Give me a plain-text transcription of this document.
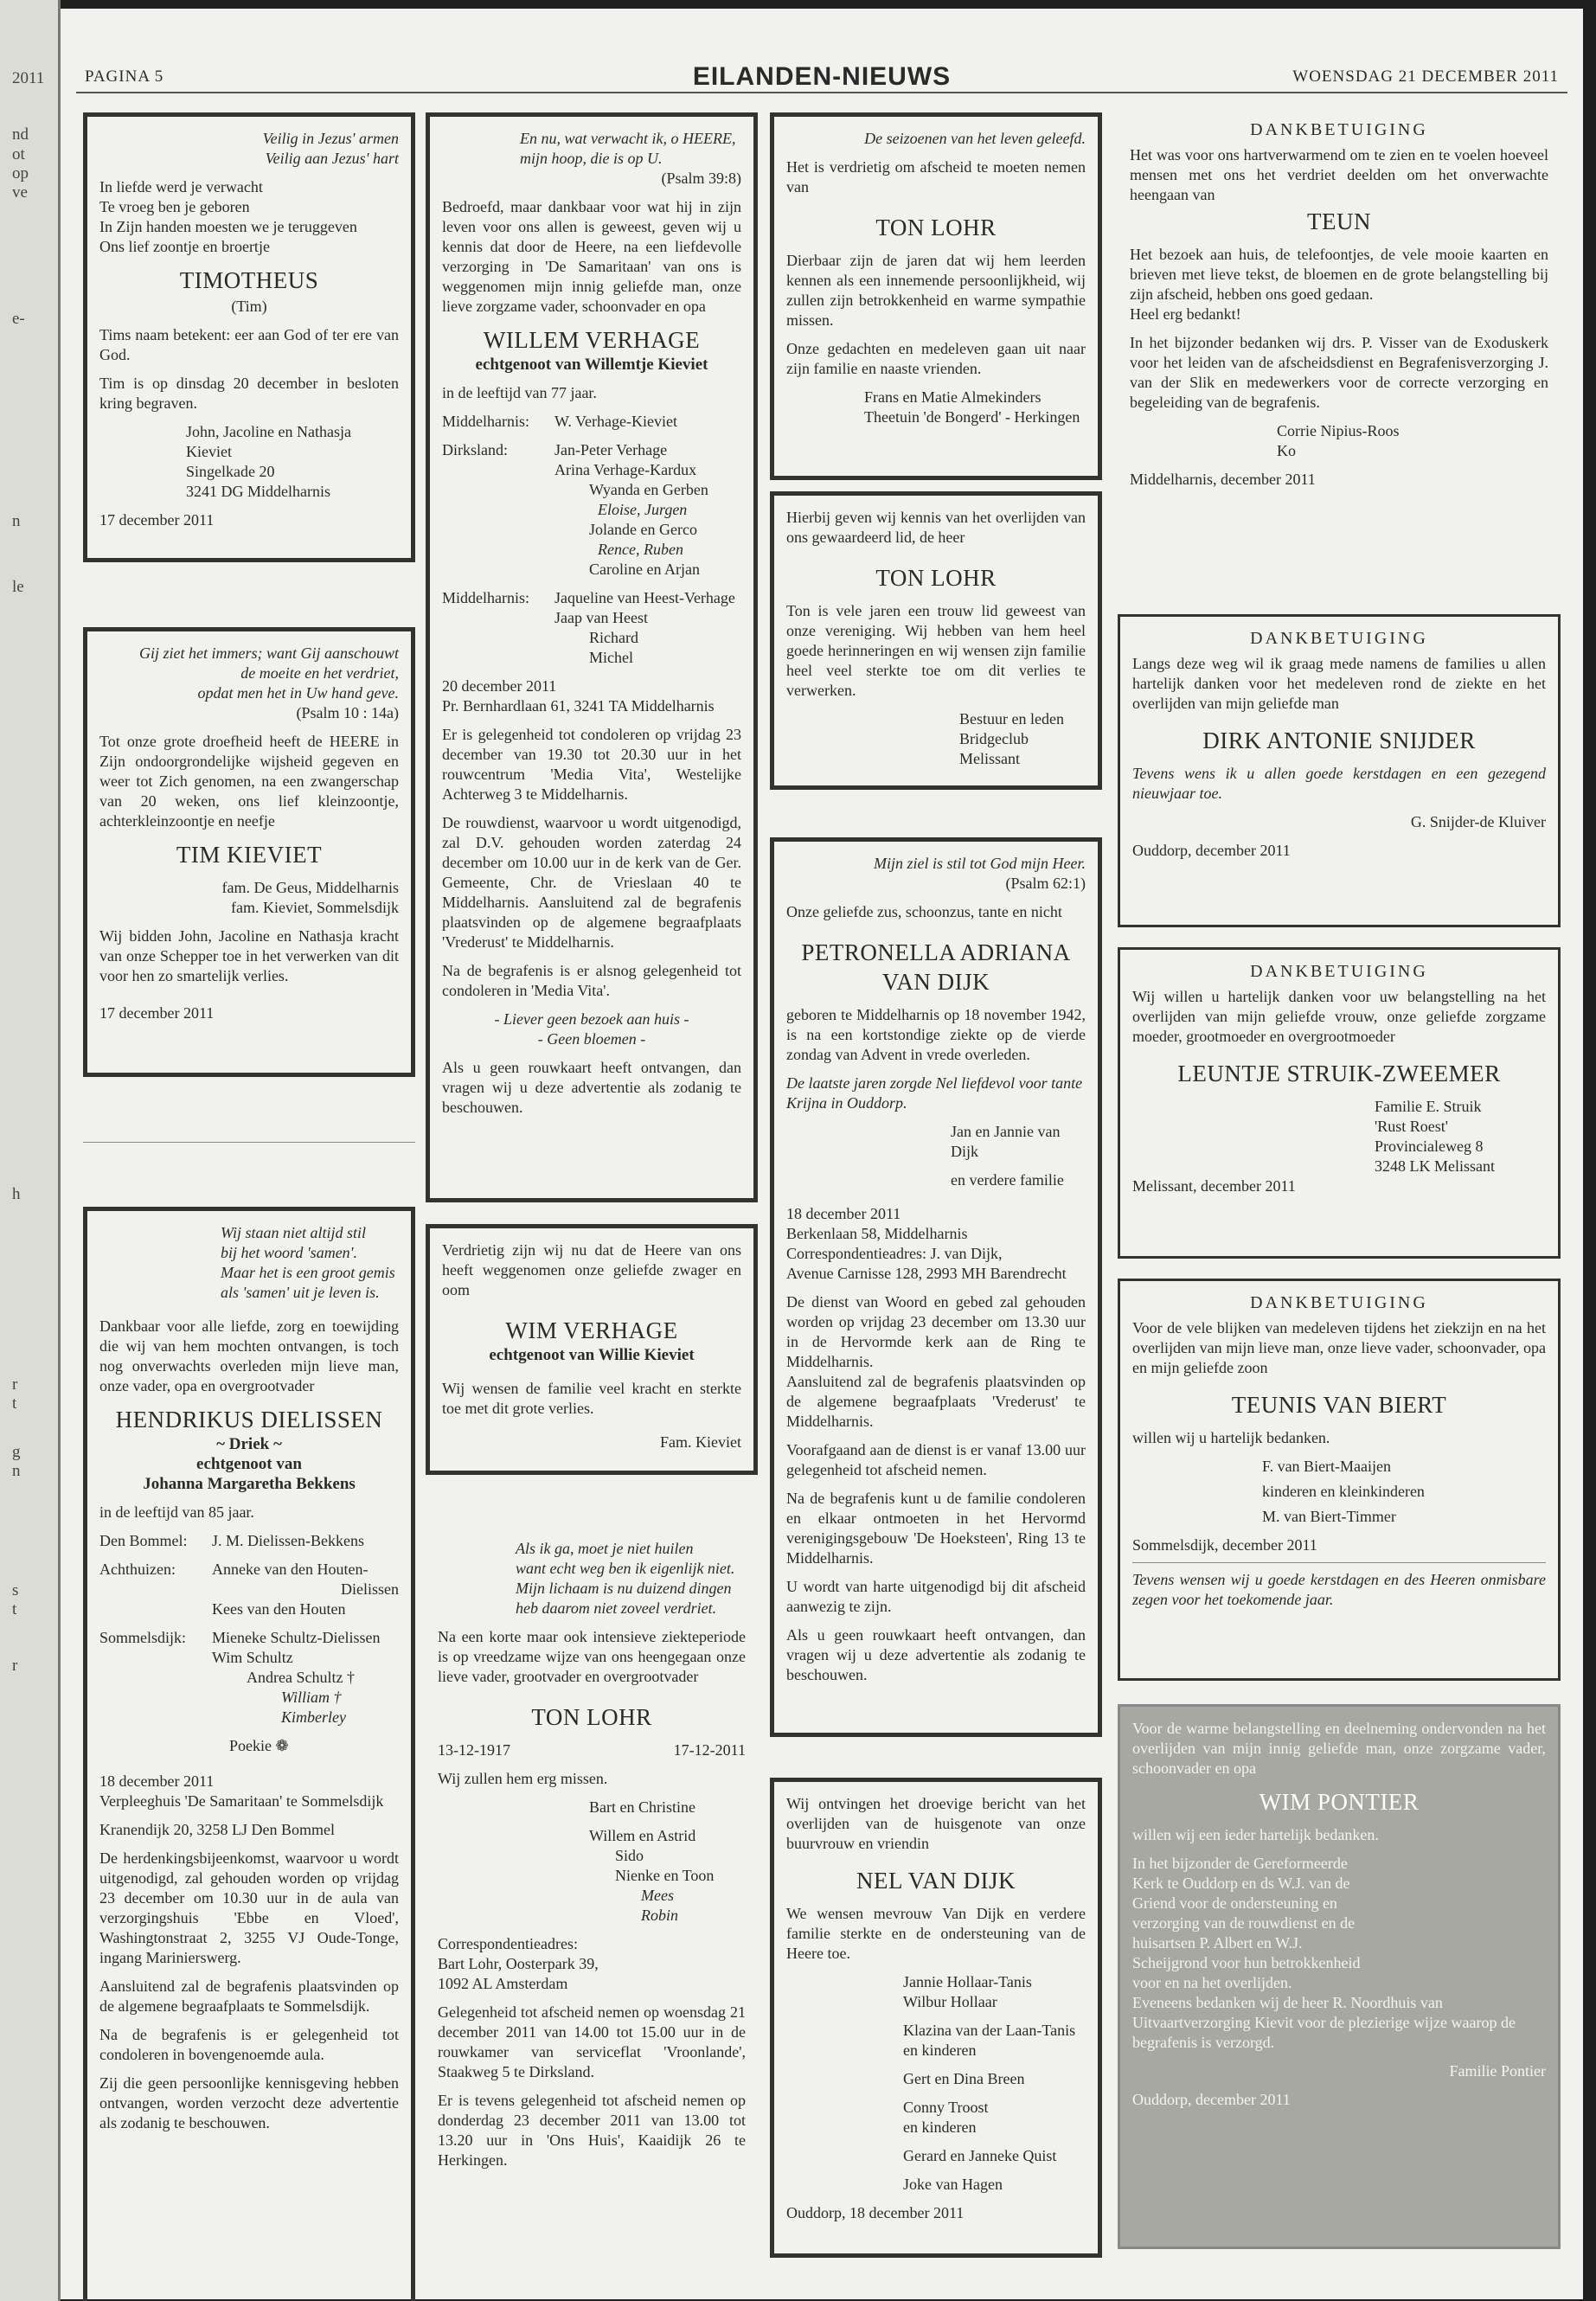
2011
nd
ot
op
ve
e-
n
le
h
r
t
g
n
s
t
r
PAGINA 5	EILANDEN-NIEUWS	WOENSDAG 21 DECEMBER 2011
Veilig in Jezus' armen
Veilig aan Jezus' hart
In liefde werd je verwacht
Te vroeg ben je geboren
In Zijn handen moesten we je teruggeven
Ons lief zoontje en broertje
TIMOTHEUS
(Tim)
Tims naam betekent: eer aan God of ter ere van God.
Tim is op dinsdag 20 december in besloten kring begraven.
John, Jacoline en Nathasja Kieviet
Singelkade 20
3241 DG Middelharnis
17 december 2011
Gij ziet het immers; want Gij aanschouwt
de moeite en het verdriet,
opdat men het in Uw hand geve.
(Psalm 10 : 14a)
Tot onze grote droefheid heeft de HEERE in Zijn ondoorgrondelijke wijsheid gegeven en weer tot Zich genomen, na een zwangerschap van 20 weken, ons lief kleinzoontje, achterkleinzoontje en neefje
TIM KIEVIET
fam. De Geus, Middelharnis
fam. Kieviet, Sommelsdijk
Wij bidden John, Jacoline en Nathasja kracht van onze Schepper toe in het verwerken van dit voor hen zo smartelijk verlies.
17 december 2011
Wij staan niet altijd stil
bij het woord 'samen'.
Maar het is een groot gemis
als 'samen' uit je leven is.
Dankbaar voor alle liefde, zorg en toewijding die wij van hem mochten ontvangen, is toch nog onverwachts overleden mijn lieve man, onze vader, opa en overgrootvader
HENDRIKUS DIELISSEN
~ Driek ~
echtgenoot van
Johanna Margaretha Bekkens
in de leeftijd van 85 jaar.
Den Bommel:	J. M. Dielissen-Bekkens
Achthuizen:	Anneke van den Houten-
Dielissen
Kees van den Houten
Sommelsdijk:	Mieneke Schultz-Dielissen
Wim Schultz
Andrea Schultz †
William †
Kimberley
Poekie ❁
18 december 2011
Verpleeghuis 'De Samaritaan' te Sommelsdijk
Kranendijk 20, 3258 LJ Den Bommel
De herdenkingsbijeenkomst, waarvoor u wordt uitgenodigd, zal gehouden worden op vrijdag 23 december om 10.30 uur in de aula van verzorgingshuis 'Ebbe en Vloed', Washingtonstraat 2, 3255 VJ Oude-Tonge, ingang Marinierswerg.
Aansluitend zal de begrafenis plaatsvinden op de algemene begraafplaats te Sommelsdijk.
Na de begrafenis is er gelegenheid tot condoleren in bovengenoemde aula.
Zij die geen persoonlijke kennisgeving hebben ontvangen, worden verzocht deze advertentie als zodanig te beschouwen.
En nu, wat verwacht ik, o HEERE,
mijn hoop, die is op U.
(Psalm 39:8)
Bedroefd, maar dankbaar voor wat hij in zijn leven voor ons allen is geweest, geven wij u kennis dat door de Heere, na een liefdevolle verzorging in 'De Samaritaan' van ons is weggenomen mijn innig geliefde man, onze lieve zorgzame vader, schoonvader en opa
WILLEM VERHAGE
echtgenoot van Willemtje Kieviet
in de leeftijd van 77 jaar.
Middelharnis:	W. Verhage-Kieviet
Dirksland:	Jan-Peter Verhage
Arina Verhage-Kardux
Wyanda en Gerben
Eloise, Jurgen
Jolande en Gerco
Rence, Ruben
Caroline en Arjan
Middelharnis:	Jaqueline van Heest-Verhage
Jaap van Heest
Richard
Michel
20 december 2011
Pr. Bernhardlaan 61, 3241 TA Middelharnis
Er is gelegenheid tot condoleren op vrijdag 23 december van 19.30 tot 20.30 uur in het rouwcentrum 'Media Vita', Westelijke Achterweg 3 te Middelharnis.
De rouwdienst, waarvoor u wordt uitgenodigd, zal D.V. gehouden worden zaterdag 24 december om 10.00 uur in de kerk van de Ger. Gemeente, Chr. de Vrieslaan 40 te Middelharnis. Aansluitend zal de begrafenis plaatsvinden op de algemene begraafplaats 'Vrederust' te Middelharnis.
Na de begrafenis is er alsnog gelegenheid tot condoleren in 'Media Vita'.
- Liever geen bezoek aan huis -
- Geen bloemen -
Als u geen rouwkaart heeft ontvangen, dan vragen wij u deze advertentie als zodanig te beschouwen.
Verdrietig zijn wij nu dat de Heere van ons heeft weggenomen onze geliefde zwager en oom
WIM VERHAGE
echtgenoot van Willie Kieviet
Wij wensen de familie veel kracht en sterkte toe met dit grote verlies.
Fam. Kieviet
Als ik ga, moet je niet huilen
want echt weg ben ik eigenlijk niet.
Mijn lichaam is nu duizend dingen
heb daarom niet zoveel verdriet.
Na een korte maar ook intensieve ziekteperiode is op vreedzame wijze van ons heengegaan onze lieve vader, grootvader en overgrootvader
TON LOHR
13-12-1917	17-12-2011
Wij zullen hem erg missen.
Bart en Christine
Willem en Astrid
Sido
Nienke en Toon
Mees
Robin
Correspondentieadres:
Bart Lohr, Oosterpark 39,
1092 AL Amsterdam
Gelegenheid tot afscheid nemen op woensdag 21 december 2011 van 14.00 tot 15.00 uur in de rouwkamer van serviceflat 'Vroonlande', Staakweg 5 te Dirksland.
Er is tevens gelegenheid tot afscheid nemen op donderdag 23 december 2011 van 13.00 tot 13.20 uur in 'Ons Huis', Kaaidijk 26 te Herkingen.
De seizoenen van het leven geleefd.
Het is verdrietig om afscheid te moeten nemen van
TON LOHR
Dierbaar zijn de jaren dat wij hem leerden kennen als een innemende persoonlijkheid, wij zullen zijn betrokkenheid en warme sympathie missen.
Onze gedachten en medeleven gaan uit naar zijn familie en naaste vrienden.
Frans en Matie Almekinders
Theetuin 'de Bongerd' - Herkingen
Hierbij geven wij kennis van het overlijden van ons gewaardeerd lid, de heer
TON LOHR
Ton is vele jaren een trouw lid geweest van onze vereniging. Wij hebben van hem heel goede herinneringen en wij wensen zijn familie heel veel sterkte toe om dit verlies te verwerken.
Bestuur en leden
Bridgeclub Melissant
Mijn ziel is stil tot God mijn Heer.
(Psalm 62:1)
Onze geliefde zus, schoonzus, tante en nicht
PETRONELLA ADRIANA
VAN DIJK
geboren te Middelharnis op 18 november 1942, is na een kortstondige ziekte op de vierde zondag van Advent in vrede overleden.
De laatste jaren zorgde Nel liefdevol voor tante Krijna in Ouddorp.
Jan en Jannie van Dijk
en verdere familie
18 december 2011
Berkenlaan 58, Middelharnis
Correspondentieadres: J. van Dijk,
Avenue Carnisse 128, 2993 MH Barendrecht
De dienst van Woord en gebed zal gehouden worden op vrijdag 23 december om 13.30 uur in de Hervormde kerk aan de Ring te Middelharnis.
Aansluitend zal de begrafenis plaatsvinden op de algemene begraafplaats 'Vrederust' te Middelharnis.
Voorafgaand aan de dienst is er vanaf 13.00 uur gelegenheid tot afscheid nemen.
Na de begrafenis kunt u de familie condoleren en elkaar ontmoeten in het Hervormd verenigingsgebouw 'De Hoeksteen', Ring 13 te Middelharnis.
U wordt van harte uitgenodigd bij dit afscheid aanwezig te zijn.
Als u geen rouwkaart heeft ontvangen, dan vragen wij u deze advertentie als zodanig te beschouwen.
Wij ontvingen het droevige bericht van het overlijden van de huisgenote van onze buurvrouw en vriendin
NEL VAN DIJK
We wensen mevrouw Van Dijk en verdere familie sterkte en de ondersteuning van de Heere toe.
Jannie Hollaar-Tanis
Wilbur Hollaar
Klazina van der Laan-Tanis
en kinderen
Gert en Dina Breen
Conny Troost
en kinderen
Gerard en Janneke Quist
Joke van Hagen
Ouddorp, 18 december 2011
DANKBETUIGING
Het was voor ons hartverwarmend om te zien en te voelen hoeveel mensen met ons het verdriet deelden om het onverwachte heengaan van
TEUN
Het bezoek aan huis, de telefoontjes, de vele mooie kaarten en brieven met lieve tekst, de bloemen en de grote belangstelling bij zijn afscheid, hebben ons goed gedaan.
Heel erg bedankt!
In het bijzonder bedanken wij drs. P. Visser van de Exoduskerk voor het leiden van de afscheidsdienst en Begrafenisverzorging J. van der Slik en medewerkers voor de correcte verzorging en begeleiding van de begrafenis.
Corrie Nipius-Roos
Ko
Middelharnis, december 2011
DANKBETUIGING
Langs deze weg wil ik graag mede namens de families u allen hartelijk danken voor het medeleven rond de ziekte en het overlijden van mijn geliefde man
DIRK ANTONIE SNIJDER
Tevens wens ik u allen goede kerstdagen en een gezegend nieuwjaar toe.
G. Snijder-de Kluiver
Ouddorp, december 2011
DANKBETUIGING
Wij willen u hartelijk danken voor uw belangstelling na het overlijden van mijn geliefde vrouw, onze geliefde zorgzame moeder, grootmoeder en overgrootmoeder
LEUNTJE STRUIK-ZWEEMER
Familie E. Struik
'Rust Roest'
Provincialeweg 8
3248 LK Melissant
Melissant, december 2011
DANKBETUIGING
Voor de vele blijken van medeleven tijdens het ziekzijn en na het overlijden van mijn lieve man, onze lieve vader, schoonvader, opa en mijn geliefde zoon
TEUNIS VAN BIERT
willen wij u hartelijk bedanken.
F. van Biert-Maaijen
kinderen en kleinkinderen
M. van Biert-Timmer
Sommelsdijk, december 2011
Tevens wensen wij u goede kerstdagen en des Heeren onmisbare zegen voor het toekomende jaar.
Voor de warme belangstelling en deelneming ondervonden na het overlijden van mijn innig geliefde man, onze zorgzame vader, schoonvader en opa
WIM PONTIER
willen wij een ieder hartelijk bedanken.
In het bijzonder de Gereformeerde Kerk te Ouddorp en ds W.J. van de Griend voor de ondersteuning en verzorging van de rouwdienst en de huisartsen P. Albert en W.J. Scheijgrond voor hun betrokkenheid voor en na het overlijden.
Eveneens bedanken wij de heer R. Noordhuis van Uitvaartverzorging Kievit voor de plezierige wijze waarop de begrafenis is verzorgd.
Familie Pontier
Ouddorp, december 2011
